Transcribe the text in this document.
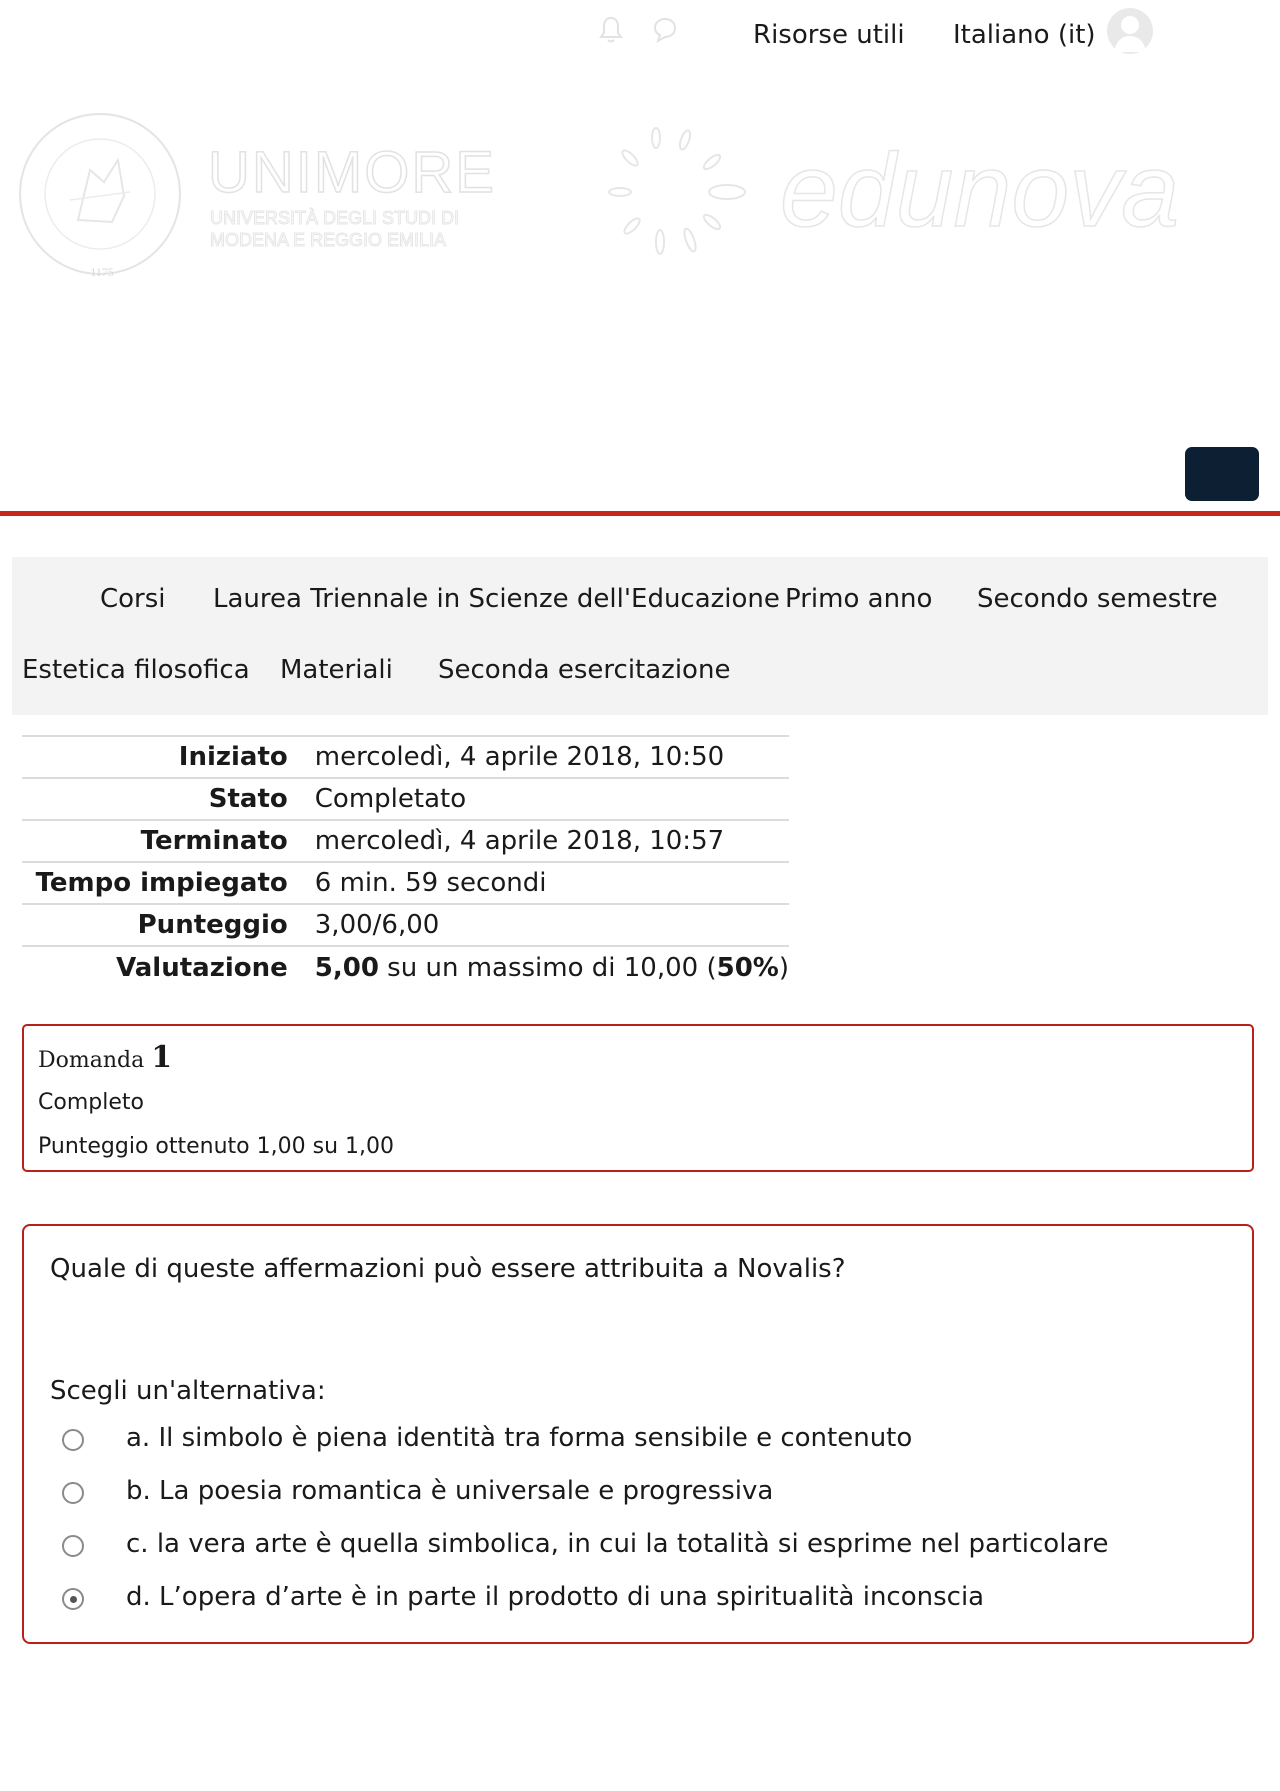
Risorse utili Italiano (it)
UNIVERSITAS STUDIORUM MUTINENSIS ET REGIENSIS
1175
UNIMORE
UNIVERSITÀ DEGLI STUDI DI
MODENA E REGGIO EMILIA	edunova
Corsi Laurea Triennale in Scienze dell'Educazione Primo anno Secondo semestre
Estetica filosofica Materiali Seconda esercitazione
Iniziato	mercoledì, 4 aprile 2018, 10:50
Stato	Completato
Terminato	mercoledì, 4 aprile 2018, 10:57
Tempo impiegato	6 min. 59 secondi
Punteggio	3,00/6,00
Valutazione	5,00 su un massimo di 10,00 (50%)
Domanda 1
Completo
Punteggio ottenuto 1,00 su 1,00
Quale di queste affermazioni può essere attribuita a Novalis?
Scegli un'alternativa:
a. Il simbolo è piena identità tra forma sensibile e contenuto
b. La poesia romantica è universale e progressiva
c. la vera arte è quella simbolica, in cui la totalità si esprime nel particolare
d. L’opera d’arte è in parte il prodotto di una spiritualità inconscia
